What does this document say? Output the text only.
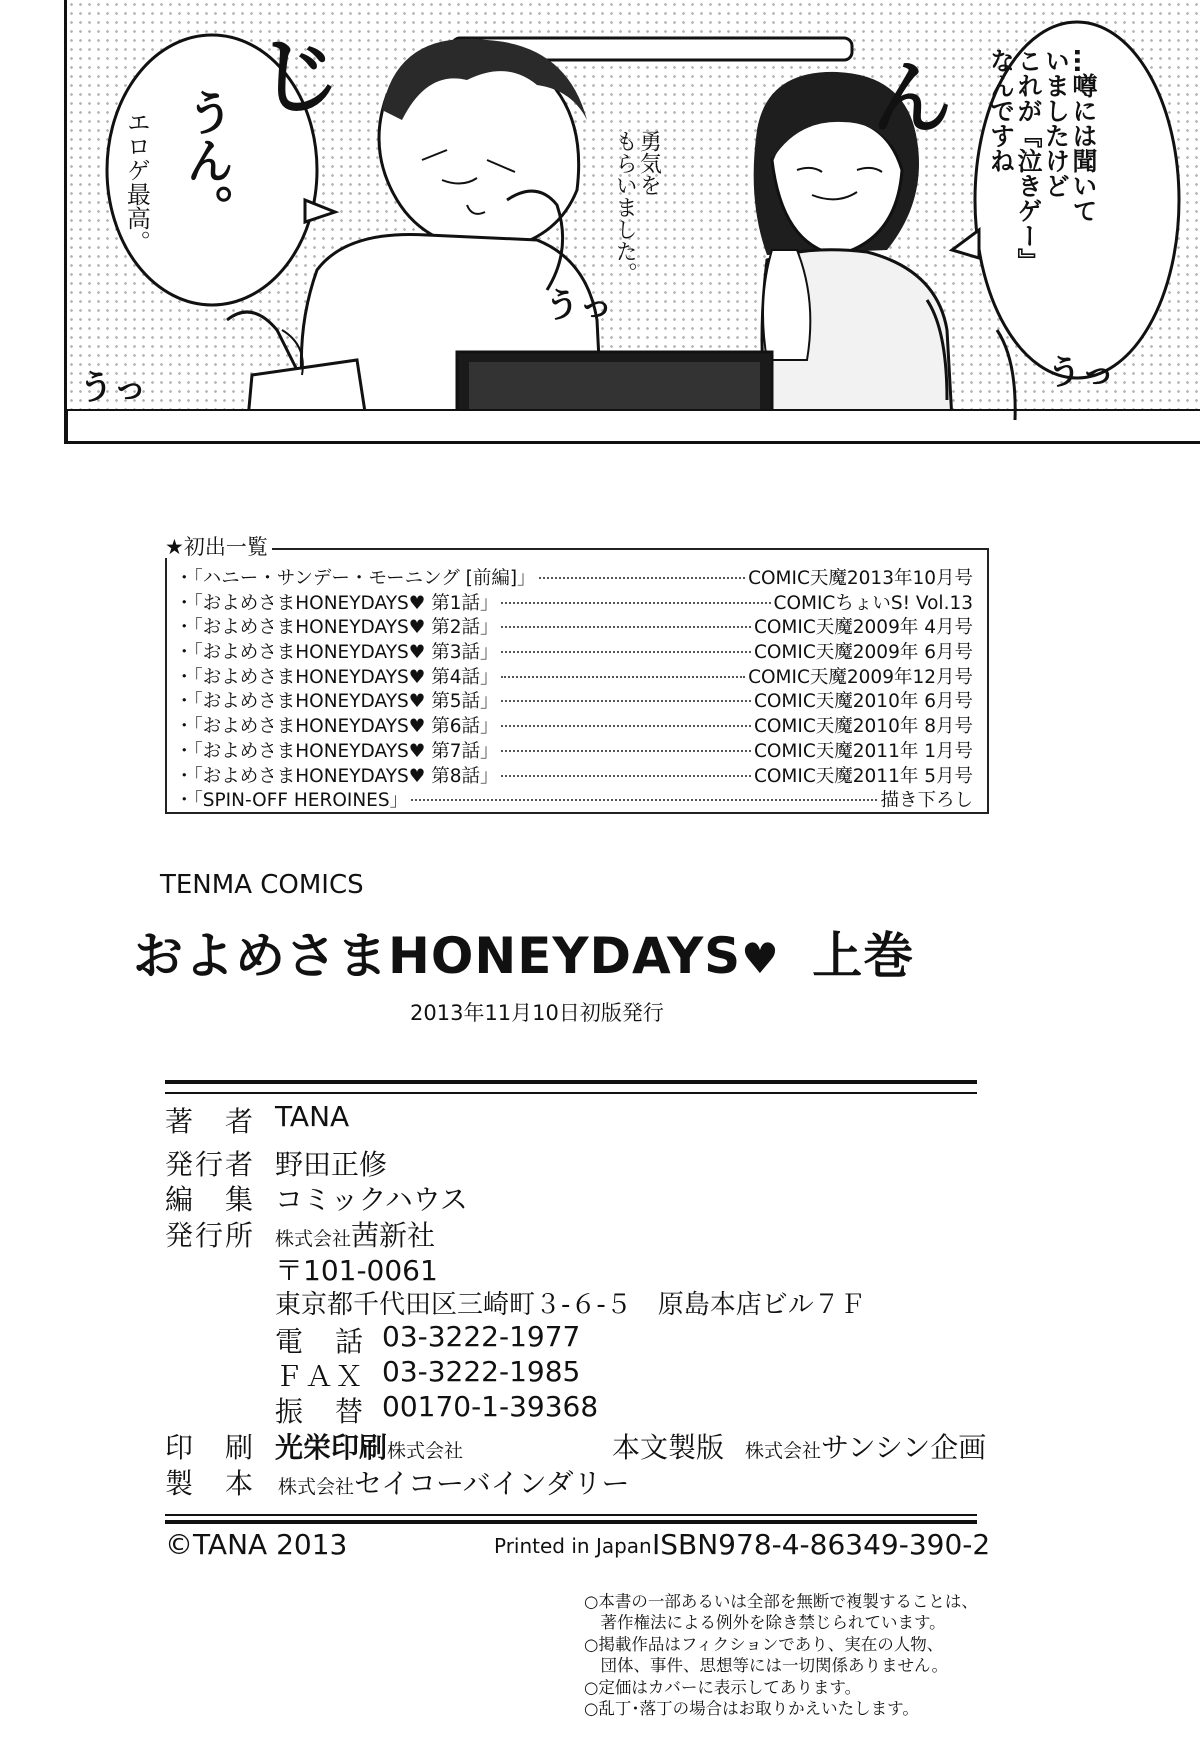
…噂には聞いて
いましたけど
これが『泣きゲー』
なんですね
うん。
エロゲ最高。	勇気を
もらいました。
じ	ん
うっ
うっ
うっ
・「ハニー・サンデー・モーニング [前編]」	COMIC天魔2013年10月号
・「およめさまHONEYDAYS♥ 第1話」	COMICちょいS! Vol.13
・「およめさまHONEYDAYS♥ 第2話」	COMIC天魔2009年 4月号
・「およめさまHONEYDAYS♥ 第3話」	COMIC天魔2009年 6月号
・「およめさまHONEYDAYS♥ 第4話」	COMIC天魔2009年12月号
・「およめさまHONEYDAYS♥ 第5話」	COMIC天魔2010年 6月号
・「およめさまHONEYDAYS♥ 第6話」	COMIC天魔2010年 8月号
・「およめさまHONEYDAYS♥ 第7話」	COMIC天魔2011年 1月号
・「およめさまHONEYDAYS♥ 第8話」	COMIC天魔2011年 5月号
・「SPIN-OFF HEROINES」	描き下ろし
★初出一覧
TENMA COMICS
およめさまHONEYDAYS♥ 上巻
2013年11月10日初版発行
著　者 TANA
発行者 野田正修
編　集 コミックハウス
発行所 株式会社茜新社
〒101-0061
東京都千代田区三崎町３-６-５　原島本店ビル７Ｆ
電　話 03-3222-1977
ＦＡＸ 03-3222-1985
振　替 00170-1-39368
印　刷 光栄印刷株式会社	本文製版 株式会社サンシン企画
製　本 株式会社セイコーバインダリー
©TANA 2013	Printed in Japan ISBN978-4-86349-390-2
○本書の一部あるいは全部を無断で複製することは、
　著作権法による例外を除き禁じられています。
○掲載作品はフィクションであり、実在の人物、
　団体、事件、思想等には一切関係ありません。
○定価はカバーに表示してあります。
○乱丁･落丁の場合はお取りかえいたします。
